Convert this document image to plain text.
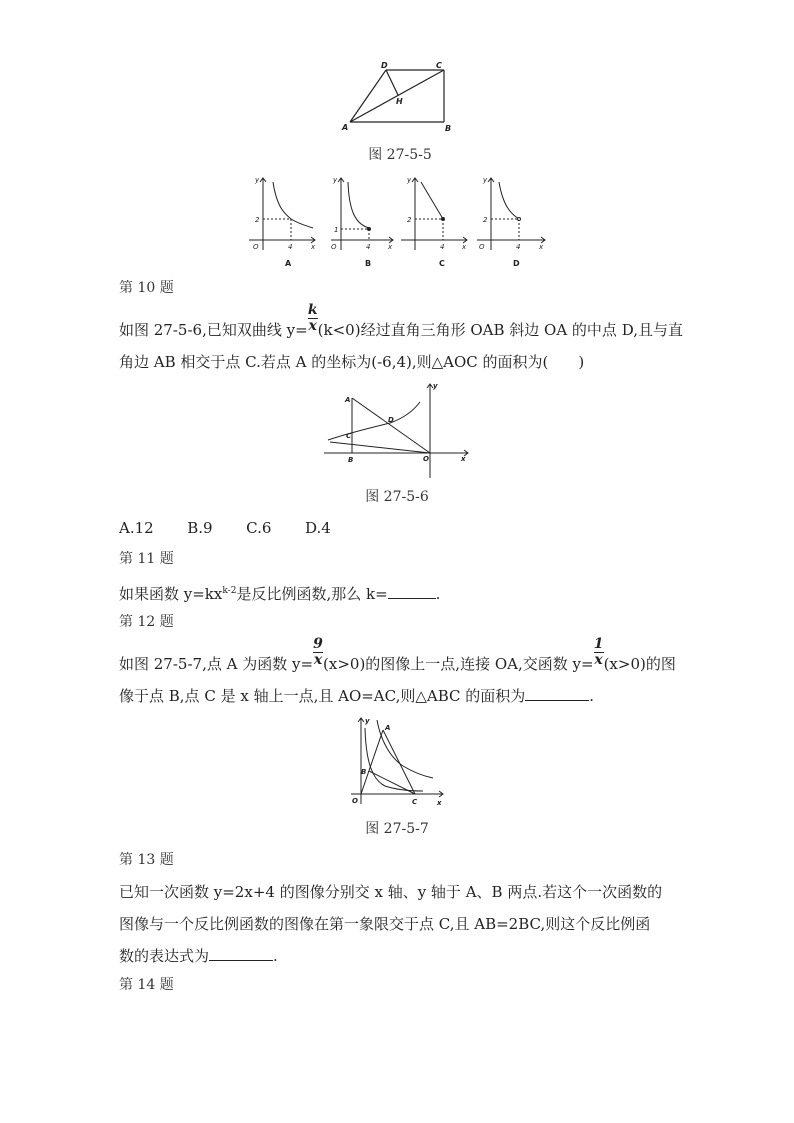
A	B
C
D
H
图 27-5-5
y
2
O	4	x
y
1
O	4	x
y
2
4	x
y
2
O	4	x
A	B	C	D
第 10 题
如图 27-5-6,已知双曲线 $y= \frac{k}{x} (k<0)$经过直角三角形 OAB 斜边 OA 的中点 D,且与直
角边 AB 相交于点 C.若点 A 的坐标为(-6,4),则△AOC 的面积为(　　)
A
B
C
D
O	x
y
图 27-5-6
A.12 B.9 C.6 D.4
第 11 题
如果函数 $y=kx^{k-2}$是反比例函数,那么 k=	.
第 12 题
如图 27-5-7,点 A 为函数 $y= \frac{9}{x} (x>0)$的图像上一点,连接 OA,交函数 $y= \frac{1}{x} (x>0)$的图
像于点 B,点 C 是 x 轴上一点,且 AO=AC,则△ABC 的面积为	.
A
B
C
O	x
y
图 27-5-7
第 13 题
已知一次函数 y=2x+4 的图像分别交 x 轴、y 轴于 A、B 两点.若这个一次函数的
图像与一个反比例函数的图像在第一象限交于点 C,且 AB=2BC,则这个反比例函
数的表达式为	.
第 14 题
